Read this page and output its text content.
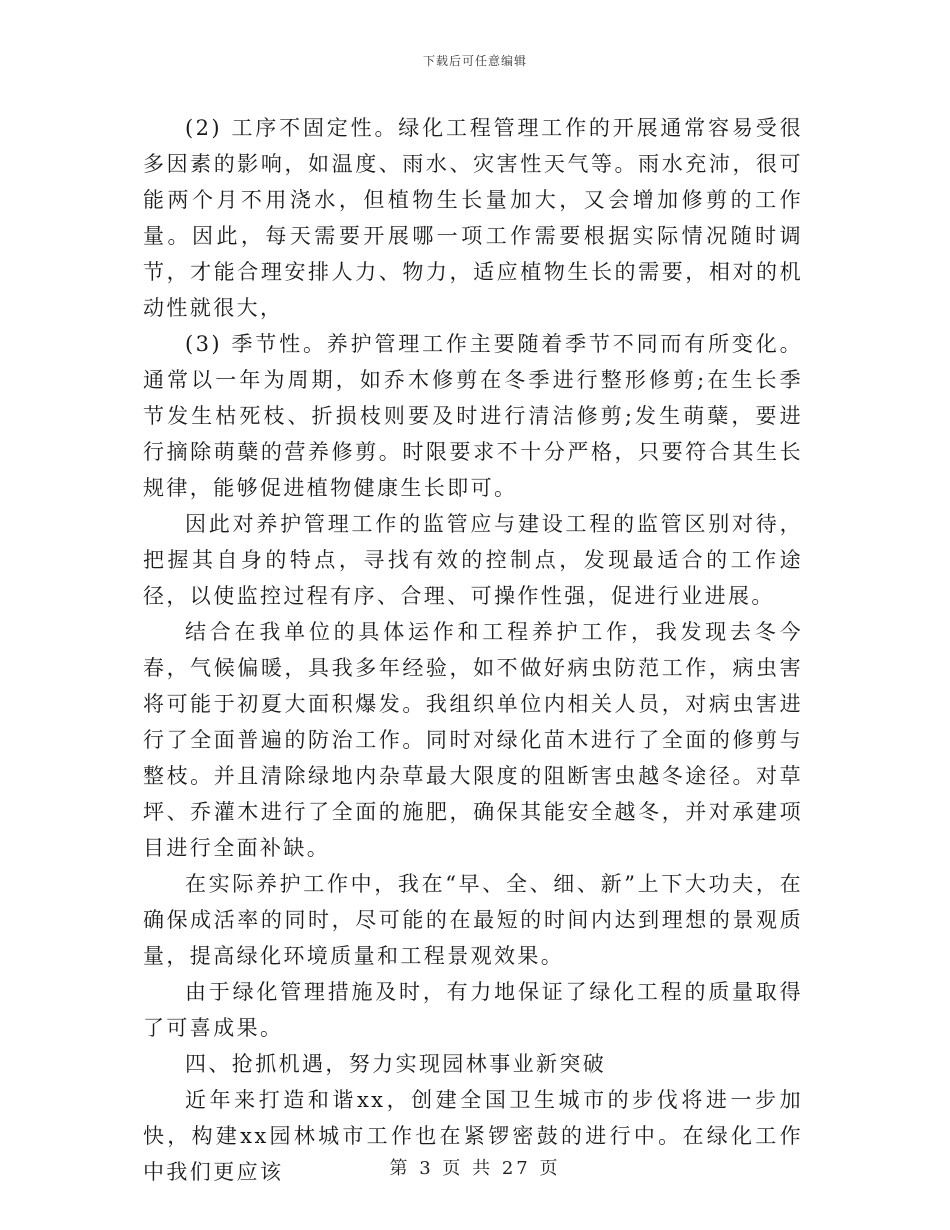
下载后可任意编辑

(2) 工序不固定性。绿化工程管理工作的开展通常容易受很多因素的影响，如温度、雨水、灾害性天气等。雨水充沛，很可能两个月不用浇水，但植物生长量加大，又会增加修剪的工作量。因此，每天需要开展哪一项工作需要根据实际情况随时调节，才能合理安排人力、物力，适应植物生长的需要，相对的机动性就很大，

(3) 季节性。养护管理工作主要随着季节不同而有所变化。通常以一年为周期，如乔木修剪在冬季进行整形修剪;在生长季节发生枯死枝、折损枝则要及时进行清洁修剪;发生萌蘖，要进行摘除萌蘖的营养修剪。时限要求不十分严格，只要符合其生长规律，能够促进植物健康生长即可。

因此对养护管理工作的监管应与建设工程的监管区别对待，把握其自身的特点，寻找有效的控制点，发现最适合的工作途径，以使监控过程有序、合理、可操作性强，促进行业进展。

结合在我单位的具体运作和工程养护工作，我发现去冬今春，气候偏暖，具我多年经验，如不做好病虫防范工作，病虫害将可能于初夏大面积爆发。我组织单位内相关人员，对病虫害进行了全面普遍的防治工作。同时对绿化苗木进行了全面的修剪与整枝。并且清除绿地内杂草最大限度的阻断害虫越冬途径。对草坪、乔灌木进行了全面的施肥，确保其能安全越冬，并对承建项目进行全面补缺。

在实际养护工作中，我在“早、全、细、新”上下大功夫，在确保成活率的同时，尽可能的在最短的时间内达到理想的景观质量，提高绿化环境质量和工程景观效果。

由于绿化管理措施及时，有力地保证了绿化工程的质量取得了可喜成果。

四、抢抓机遇，努力实现园林事业新突破

近年来打造和谐xx，创建全国卫生城市的步伐将进一步加快，构建xx园林城市工作也在紧锣密鼓的进行中。在绿化工作中我们更应该	第 3 页 共 27 页
